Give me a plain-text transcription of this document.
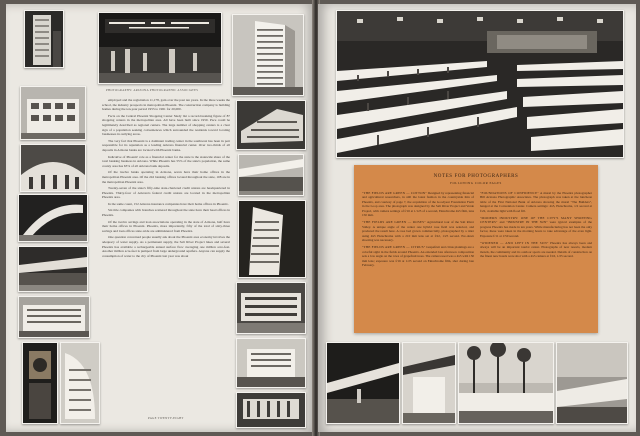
PHOTOGRAPHY: ARIZONA PHOTOGRAPHIC ASSOCIATES

employed and the registration 11,178, gain over the past ten years. In the three weeks the school, the industry prospects in metropolitan Phoenix. The construction company is building homes during the ten-year period 1955 to 1961 for 20,000.

Facts on the Central Phoenix Shopping Center Study list a record-breaking figure of 87 shopping centers in the metropolitan area. All have been built since 1950. Pace could be legitimately described as regional centers. The large number of shopping centers is a clear sign of a population seeking conveniences which surrounded the residents toward locating businesses in outlying areas.

The very fact that Phoenix is a dominant trading center in the southwest has been in part responsible for its reputation as a leading Arizona financial center. Over two-thirds of all deposits in Arizona banks are located with Phoenix banks.

Indicative of Phoenix' role as a financial center for the state is the statewide share of the total banking business in Arizona. While Phoenix has 55% of the state's population, the same county area has 63% of all Arizona bank deposits.

Of the twelve banks operating in Arizona, seven have their home offices in the metropolitan Phoenix area. Of the 242 banking offices located throughout the state, 108 are in the metropolitan Phoenix area.

Twenty-seven of the state's fifty-nine state-chartered credit unions are headquartered in Phoenix. Thirty-four of Arizona's federal credit unions are located in the metropolitan Phoenix area.

In the same count, 152 Arizona insurance companies have their home offices in Phoenix.

Six title companies with branches scattered throughout the state have their head offices in Phoenix.

Of the twelve savings and loan associations operating in the state of Arizona, half have their home offices in Phoenix. Phoenix, more importantly, fifty of the total of sixty-three savings and loan offices state-wide are administered from Phoenix.

One question concerned people usually ask about the Phoenix area economy involves the adequacy of water supply. As a permanent supply, the Salt River Project lakes and several Phoenix has available a rechargeable annual surface flow averaging one million acre-feet. Another million acre-feet is pumped from large underground aquifers. Anyone can supply the consumption of water to the city of Phoenix last year was about

PAGE TWENTY-EIGHT
NOTES FOR PHOTOGRAPHERS
FOLLOWING COLOR PAGES

"THE FIELDS ARE GREEN — COTTON" Designed by representing financial and agricultural researchers, in still the latest fashion in the countryside thin of Phoenix, and courtesy of page 7, the acquisition of the Goodyear Foundation Farm in the Loop area. The photograph was designed by the Salt River Project and Verde Project, with camera settings of f/16 at 1/125 of a second, Ektachrome 4x5 film, lens 150 mm.

"THE FIELDS ARE GREEN — ROSES" Agricultural tour of the Salt River Valley. A unique angle of the center one hybrid rose field was selected, and produced the result here. A rose bed grown commercially, photographed by a rider using 4x5 Ektachrome with a 210 mm lens set at f/22, 1/25 second. Pre-dawn shooting was necessary.

"THE FIELDS ARE GREEN — CITRUS" Grapefruit and citrus plantings are a colorful sight in the fields around Phoenix. An extended late afternoon composition sets a low angle on the rows of grapefruit trees. The camera used was a 4x5 with 150 mm lens; exposure was f/16 at 1/25 second on Ektachrome film, shot during late February.

"FOUNDATIONS OF CONFIDENCE" A mural by the Phoenix photographer Bill Arizona Photographic Associates. The photograph was taken at the luncheon table of the First National Bank of Arizona showing the mural "The Builders", hanged at the Convention Center. Camera settings: 4x5, Ektachrome, 1/2 second at f/22, available light with flood fill.

"MODERN INDUSTRY: ONE OF THE CITY'S MANY SHOPPING CENTERS" and "INDUSTRY IN THE SUN" were typical examples of the progress Phoenix has made in ten years. While manufacturing has not been the only factor, these were taken in the morning hours to take advantage of the even light. Exposure f/11 at 1/50 second.

"WIDENED — AND LEFT IN THE SUN" Phoenix has always been and always will be an important tourist center. Photographs of new resorts, modern motels, the community and its outdoor sports are needed. Details of construction on the finest new hotels were shot with a 4x5 camera at f/16, 1/25 second.
